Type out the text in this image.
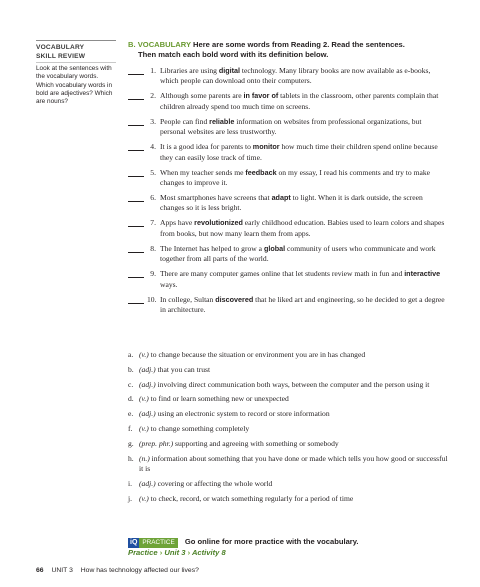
VOCABULARY
SKILL REVIEW
Look at the sentences with the vocabulary words. Which vocabulary words in bold are adjectives? Which are nouns?
B. VOCABULARY Here are some words from Reading 2. Read the sentences.
Then match each bold word with its definition below.
1. Libraries are using digital technology. Many library books are now available as e-books, which people can download onto their computers.
2. Although some parents are in favor of tablets in the classroom, other parents complain that children already spend too much time on screens.
3. People can find reliable information on websites from professional organizations, but personal websites are less trustworthy.
4. It is a good idea for parents to monitor how much time their children spend online because they can easily lose track of time.
5. When my teacher sends me feedback on my essay, I read his comments and try to make changes to improve it.
6. Most smartphones have screens that adapt to light. When it is dark outside, the screen changes so it is less bright.
7. Apps have revolutionized early childhood education. Babies used to learn colors and shapes from books, but now many learn them from apps.
8. The Internet has helped to grow a global community of users who communicate and work together from all parts of the world.
9. There are many computer games online that let students review math in fun and interactive ways.
10. In college, Sultan discovered that he liked art and engineering, so he decided to get a degree in architecture.
a. (v.) to change because the situation or environment you are in has changed
b. (adj.) that you can trust
c. (adj.) involving direct communication both ways, between the computer and the person using it
d. (v.) to find or learn something new or unexpected
e. (adj.) using an electronic system to record or store information
f. (v.) to change something completely
g. (prep. phr.) supporting and agreeing with something or somebody
h. (n.) information about something that you have done or made which tells you how good or successful it is
i. (adj.) covering or affecting the whole world
j. (v.) to check, record, or watch something regularly for a period of time
iQ PRACTICE Go online for more practice with the vocabulary.
Practice › Unit 3 › Activity 8
66 UNIT 3 How has technology affected our lives?
